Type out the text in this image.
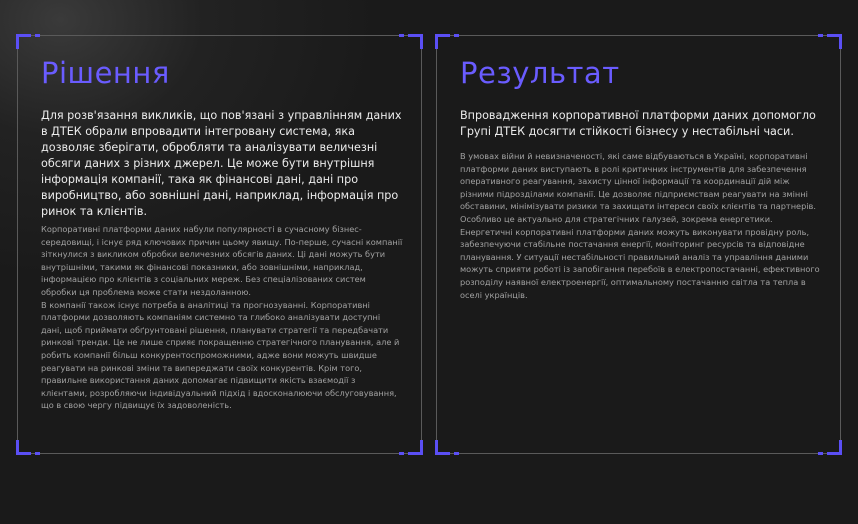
Рішення

Для розв'язання викликів, що пов'язані з управлінням даних в ДТЕК обрали впровадити інтегровану система, яка дозволяє зберігати, обробляти та аналізувати величезні обсяги даних з різних джерел. Це може бути внутрішня інформація компанії, така як фінансові дані, дані про виробництво, або зовнішні дані, наприклад, інформація про ринок та клієнтів.

Корпоративні платформи даних набули популярності в сучасному бізнес-середовищі, і існує ряд ключових причин цьому явищу. По-перше, сучасні компанії зіткнулися з викликом обробки величезних обсягів даних. Ці дані можуть бути внутрішніми, такими як фінансові показники, або зовнішніми, наприклад, інформацією про клієнтів з соціальних мереж. Без спеціалізованих систем обробки ця проблема може стати нездоланною.

В компанії також існує потреба в аналітиці та прогнозуванні. Корпоративні платформи дозволяють компаніям системно та глибоко аналізувати доступні дані, щоб приймати обґрунтовані рішення, планувати стратегії та передбачати ринкові тренди. Це не лише сприяє покращенню стратегічного планування, але й робить компанії більш конкурентоспроможними, адже вони можуть швидше реагувати на ринкові зміни та випереджати своїх конкурентів. Крім того, правильне використання даних допомагає підвищити якість взаємодії з клієнтами, розробляючи індивідуальний підхід і вдосконалюючи обслуговування, що в свою чергу підвищує їх задоволеність.

Результат

Впровадження корпоративної платформи даних допомогло Групі ДТЕК досягти стійкості бізнесу у нестабільні часи.

В умовах війни й невизначеності, які саме відбуваються в Україні, корпоративні платформи даних виступають в ролі критичних інструментів для забезпечення оперативного реагування, захисту цінної інформації та координації дій між різними підрозділами компанії. Це дозволяє підприємствам реагувати на змінні обставини, мінімізувати ризики та захищати інтереси своїх клієнтів та партнерів. Особливо це актуально для стратегічних галузей, зокрема енергетики. Енергетичні корпоративні платформи даних можуть виконувати провідну роль, забезпечуючи стабільне постачання енергії, моніторинг ресурсів та відповідне планування. У ситуації нестабільності правильний аналіз та управління даними можуть сприяти роботі із запобігання перебоїв в електропостачанні, ефективного розподілу наявної електроенергії, оптимальному постачанню світла та тепла в оселі українців.
